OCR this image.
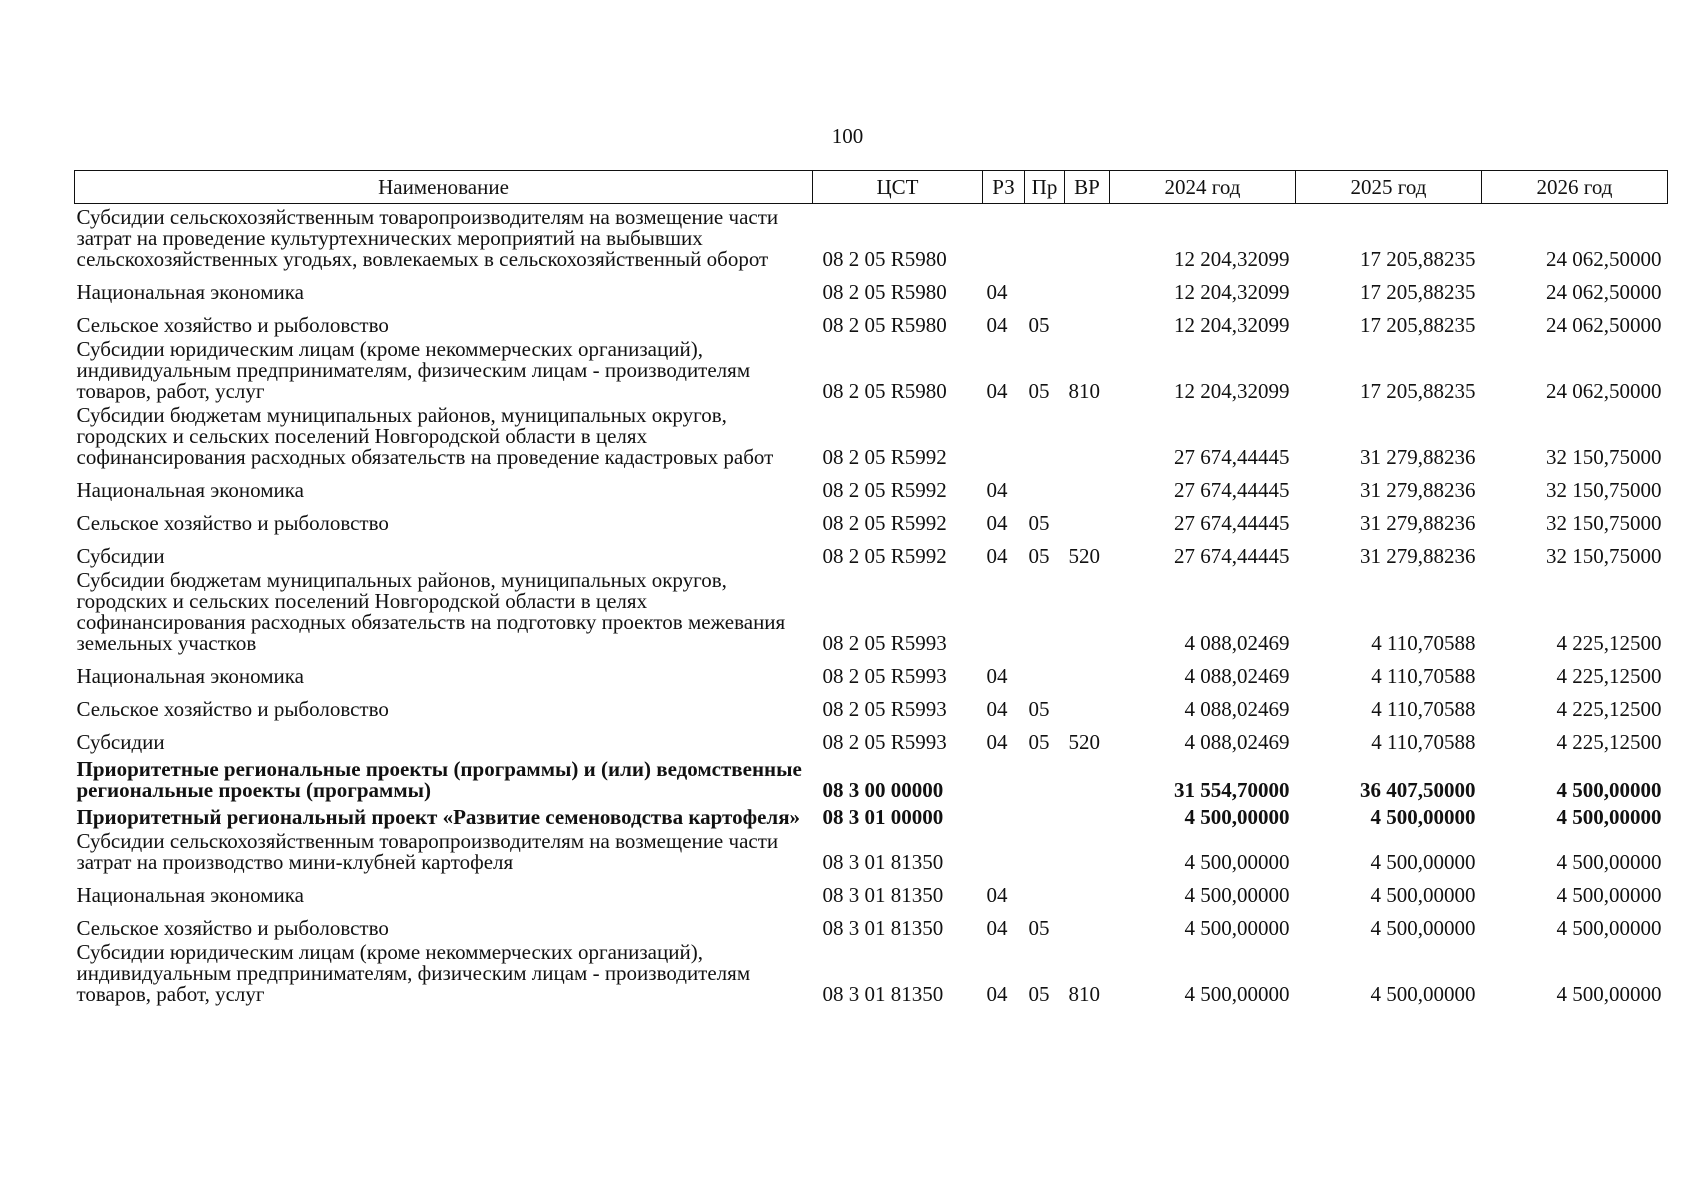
100
Наименование	ЦСТ	РЗ	Пр	ВР	2024 год	2025 год	2026 год
Субсидии сельскохозяйственным товаропроизводителям на возмещение части затрат на проведение культуртехнических мероприятий на выбывших сельскохозяйственных угодьях, вовлекаемых в сельскохозяйственный оборот	08 2 05 R5980				12 204,32099	17 205,88235	24 062,50000
Национальная экономика	08 2 05 R5980	04			12 204,32099	17 205,88235	24 062,50000
Сельское хозяйство и рыболовство	08 2 05 R5980	04	05		12 204,32099	17 205,88235	24 062,50000
Субсидии юридическим лицам (кроме некоммерческих организаций), индивидуальным предпринимателям, физическим лицам - производителям товаров, работ, услуг	08 2 05 R5980	04	05	810	12 204,32099	17 205,88235	24 062,50000
Субсидии бюджетам муниципальных районов, муниципальных округов, городских и сельских поселений Новгородской области в целях софинансирования расходных обязательств на проведение кадастровых работ	08 2 05 R5992				27 674,44445	31 279,88236	32 150,75000
Национальная экономика	08 2 05 R5992	04			27 674,44445	31 279,88236	32 150,75000
Сельское хозяйство и рыболовство	08 2 05 R5992	04	05		27 674,44445	31 279,88236	32 150,75000
Субсидии	08 2 05 R5992	04	05	520	27 674,44445	31 279,88236	32 150,75000
Субсидии бюджетам муниципальных районов, муниципальных округов, городских и сельских поселений Новгородской области в целях софинансирования расходных обязательств на подготовку проектов межевания земельных участков	08 2 05 R5993				4 088,02469	4 110,70588	4 225,12500
Национальная экономика	08 2 05 R5993	04			4 088,02469	4 110,70588	4 225,12500
Сельское хозяйство и рыболовство	08 2 05 R5993	04	05		4 088,02469	4 110,70588	4 225,12500
Субсидии	08 2 05 R5993	04	05	520	4 088,02469	4 110,70588	4 225,12500
Приоритетные региональные проекты (программы) и (или) ведомственные региональные проекты (программы)	08 3 00 00000				31 554,70000	36 407,50000	4 500,00000
Приоритетный региональный проект «Развитие семеноводства картофеля»	08 3 01 00000				4 500,00000	4 500,00000	4 500,00000
Субсидии сельскохозяйственным товаропроизводителям на возмещение части затрат на производство мини-клубней картофеля	08 3 01 81350				4 500,00000	4 500,00000	4 500,00000
Национальная экономика	08 3 01 81350	04			4 500,00000	4 500,00000	4 500,00000
Сельское хозяйство и рыболовство	08 3 01 81350	04	05		4 500,00000	4 500,00000	4 500,00000
Субсидии юридическим лицам (кроме некоммерческих организаций), индивидуальным предпринимателям, физическим лицам - производителям товаров, работ, услуг	08 3 01 81350	04	05	810	4 500,00000	4 500,00000	4 500,00000
